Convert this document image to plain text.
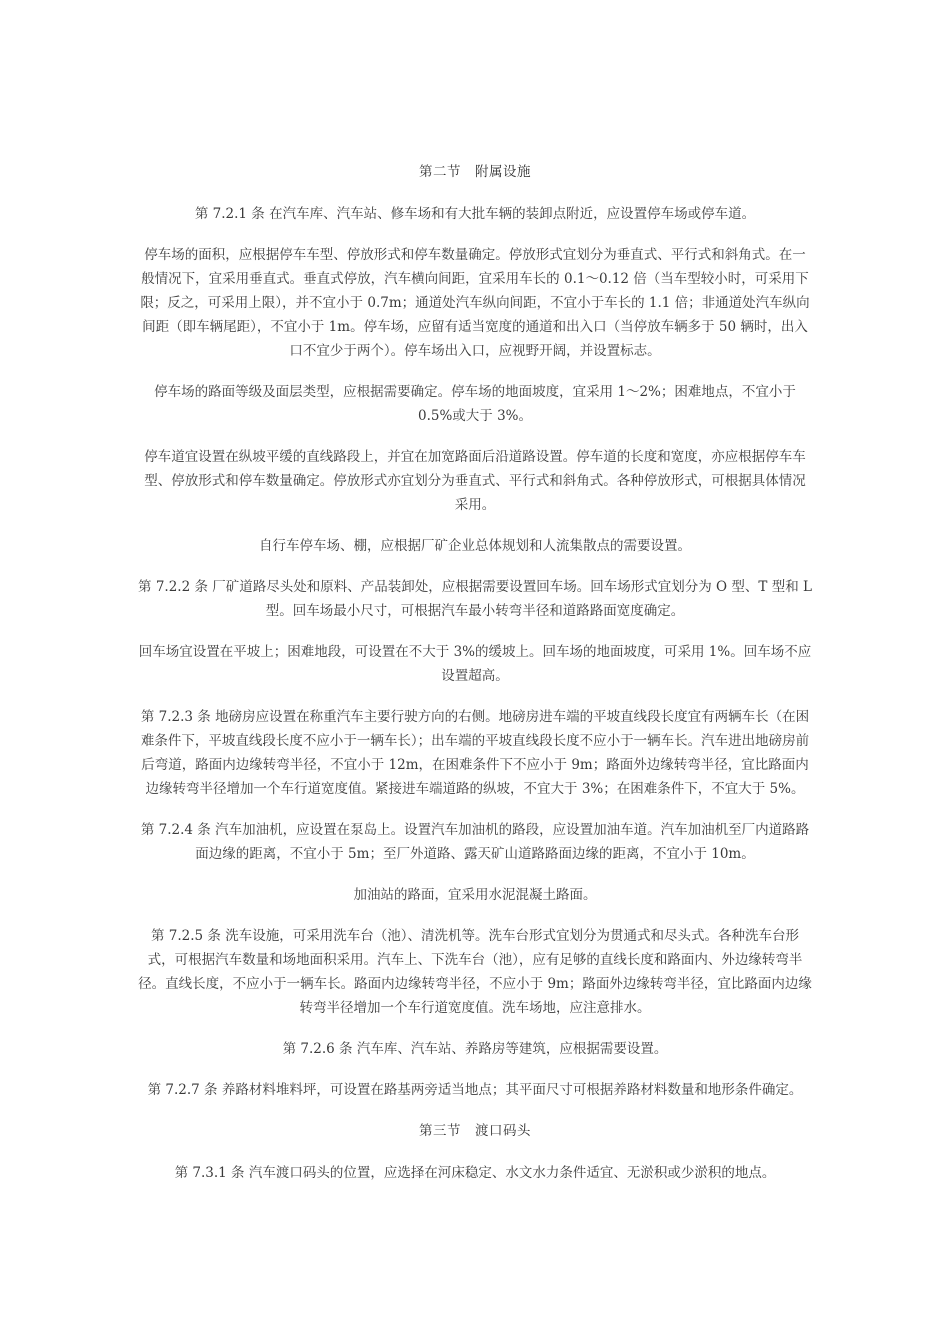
第二节　附属设施
第 7.2.1 条 在汽车库、汽车站、修车场和有大批车辆的装卸点附近，应设置停车场或停车道。
停车场的面积，应根据停车车型、停放形式和停车数量确定。停放形式宜划分为垂直式、平行式和斜角式。在一般情况下，宜采用垂直式。垂直式停放，汽车横向间距，宜采用车长的 0.1～0.12 倍（当车型较小时，可采用下限；反之，可采用上限），并不宜小于 0.7m；通道处汽车纵向间距，不宜小于车长的 1.1 倍；非通道处汽车纵向间距（即车辆尾距），不宜小于 1m。停车场，应留有适当宽度的通道和出入口（当停放车辆多于 50 辆时，出入口不宜少于两个）。停车场出入口，应视野开阔，并设置标志。
停车场的路面等级及面层类型，应根据需要确定。停车场的地面坡度，宜采用 1～2%；困难地点，不宜小于 0.5%或大于 3%。
停车道宜设置在纵坡平缓的直线路段上，并宜在加宽路面后沿道路设置。停车道的长度和宽度，亦应根据停车车型、停放形式和停车数量确定。停放形式亦宜划分为垂直式、平行式和斜角式。各种停放形式，可根据具体情况采用。
自行车停车场、棚，应根据厂矿企业总体规划和人流集散点的需要设置。
第 7.2.2 条 厂矿道路尽头处和原料、产品装卸处，应根据需要设置回车场。回车场形式宜划分为 O 型、T 型和 L 型。回车场最小尺寸，可根据汽车最小转弯半径和道路路面宽度确定。
回车场宜设置在平坡上；困难地段，可设置在不大于 3%的缓坡上。回车场的地面坡度，可采用 1%。回车场不应设置超高。
第 7.2.3 条 地磅房应设置在称重汽车主要行驶方向的右侧。地磅房进车端的平坡直线段长度宜有两辆车长（在困难条件下，平坡直线段长度不应小于一辆车长）；出车端的平坡直线段长度不应小于一辆车长。汽车进出地磅房前后弯道，路面内边缘转弯半径，不宜小于 12m，在困难条件下不应小于 9m；路面外边缘转弯半径，宜比路面内边缘转弯半径增加一个车行道宽度值。紧接进车端道路的纵坡，不宜大于 3%；在困难条件下，不宜大于 5%。
第 7.2.4 条 汽车加油机，应设置在泵岛上。设置汽车加油机的路段，应设置加油车道。汽车加油机至厂内道路路面边缘的距离，不宜小于 5m；至厂外道路、露天矿山道路路面边缘的距离，不宜小于 10m。
加油站的路面，宜采用水泥混凝土路面。
第 7.2.5 条 洗车设施，可采用洗车台（池）、清洗机等。洗车台形式宜划分为贯通式和尽头式。各种洗车台形式，可根据汽车数量和场地面积采用。汽车上、下洗车台（池），应有足够的直线长度和路面内、外边缘转弯半径。直线长度，不应小于一辆车长。路面内边缘转弯半径，不应小于 9m；路面外边缘转弯半径，宜比路面内边缘转弯半径增加一个车行道宽度值。洗车场地，应注意排水。
第 7.2.6 条 汽车库、汽车站、养路房等建筑，应根据需要设置。
第 7.2.7 条 养路材料堆料坪，可设置在路基两旁适当地点；其平面尺寸可根据养路材料数量和地形条件确定。
第三节　渡口码头
第 7.3.1 条 汽车渡口码头的位置，应选择在河床稳定、水文水力条件适宜、无淤积或少淤积的地点。
